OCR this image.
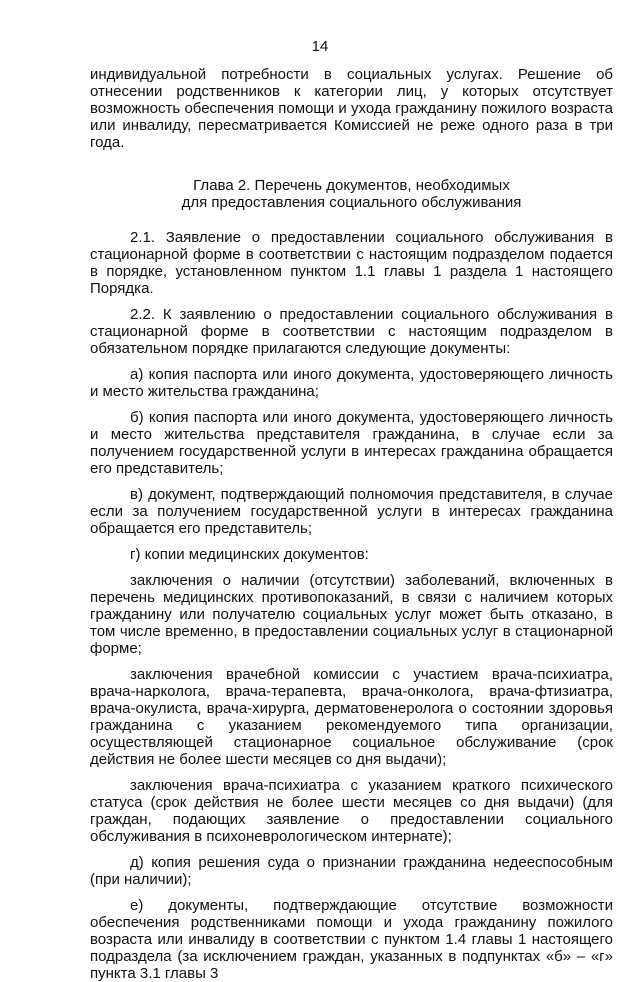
14

индивидуальной потребности в социальных услугах. Решение об отнесении родственников к категории лиц, у которых отсутствует возможность обеспечения помощи и ухода гражданину пожилого возраста или инвалиду, пересматривается Комиссией не реже одного раза в три года.

Глава 2. Перечень документов, необходимых
для предоставления социального обслуживания

2.1. Заявление о предоставлении социального обслуживания в стационарной форме в соответствии с настоящим подразделом подается в порядке, установленном пунктом 1.1 главы 1 раздела 1 настоящего Порядка.

2.2. К заявлению о предоставлении социального обслуживания в стационарной форме в соответствии с настоящим подразделом в обязательном порядке прилагаются следующие документы:

а) копия паспорта или иного документа, удостоверяющего личность и место жительства гражданина;

б) копия паспорта или иного документа, удостоверяющего личность и место жительства представителя гражданина, в случае если за получением государственной услуги в интересах гражданина обращается его представитель;

в) документ, подтверждающий полномочия представителя, в случае если за получением государственной услуги в интересах гражданина обращается его представитель;

г) копии медицинских документов:

заключения о наличии (отсутствии) заболеваний, включенных в перечень медицинских противопоказаний, в связи с наличием которых гражданину или получателю социальных услуг может быть отказано, в том числе временно, в предоставлении социальных услуг в стационарной форме;

заключения врачебной комиссии с участием врача-психиатра, врача-нарколога, врача-терапевта, врача-онколога, врача-фтизиатра, врача-окулиста, врача-хирурга, дерматовенеролога о состоянии здоровья гражданина с указанием рекомендуемого типа организации, осуществляющей стационарное социальное обслуживание (срок действия не более шести месяцев со дня выдачи);

заключения врача-психиатра с указанием краткого психического статуса (срок действия не более шести месяцев со дня выдачи) (для граждан, подающих заявление о предоставлении социального обслуживания в психоневрологическом интернате);

д) копия решения суда о признании гражданина недееспособным (при наличии);

е) документы, подтверждающие отсутствие возможности обеспечения родственниками помощи и ухода гражданину пожилого возраста или инвалиду в соответствии с пунктом 1.4 главы 1 настоящего подраздела (за исключением граждан, указанных в подпунктах «б» – «г» пункта 3.1 главы 3
